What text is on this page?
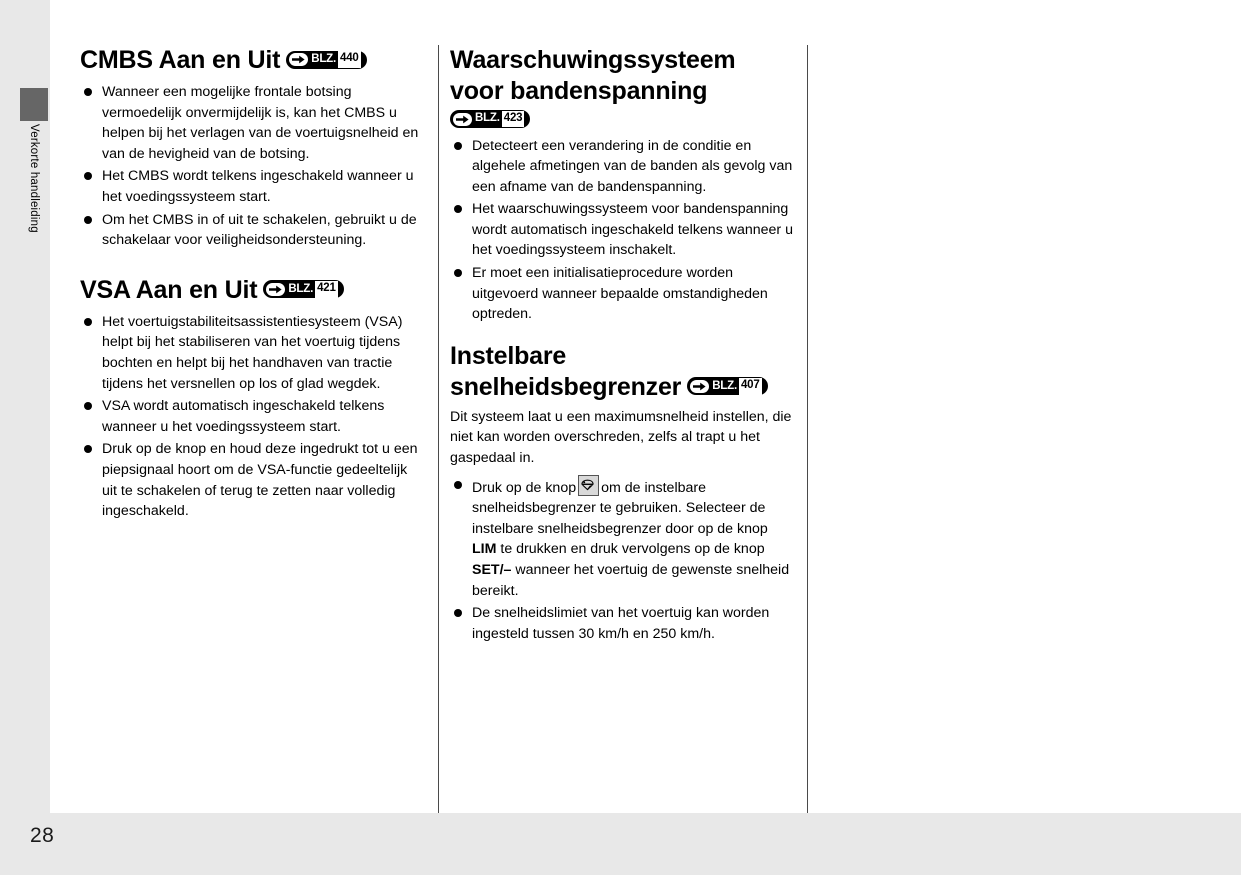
Verkorte handleiding
CMBS Aan en Uit	BLZ. 440
Wanneer een mogelijke frontale botsing vermoedelijk onvermijdelijk is, kan het CMBS u helpen bij het verlagen van de voertuigsnelheid en van de hevigheid van de botsing.
Het CMBS wordt telkens ingeschakeld wanneer u het voedingssysteem start.
Om het CMBS in of uit te schakelen, gebruikt u de schakelaar voor veiligheidsondersteuning.
VSA Aan en Uit	BLZ. 421
Het voertuigstabiliteitsassistentiesysteem (VSA) helpt bij het stabiliseren van het voertuig tijdens bochten en helpt bij het handhaven van tractie tijdens het versnellen op los of glad wegdek.
VSA wordt automatisch ingeschakeld telkens wanneer u het voedingssysteem start.
Druk op de knop en houd deze ingedrukt tot u een piepsignaal hoort om de VSA-functie gedeeltelijk uit te schakelen of terug te zetten naar volledig ingeschakeld.
Waarschuwingssysteem
voor bandenspanning
BLZ. 423
Detecteert een verandering in de conditie en algehele afmetingen van de banden als gevolg van een afname van de bandenspanning.
Het waarschuwingssysteem voor bandenspanning wordt automatisch ingeschakeld telkens wanneer u het voedingssysteem inschakelt.
Er moet een initialisatieprocedure worden uitgevoerd wanneer bepaalde omstandigheden optreden.
Instelbare
snelheidsbegrenzer	BLZ. 407

Dit systeem laat u een maximumsnelheid instellen, die niet kan worden overschreden, zelfs al trapt u het gaspedaal in.

Druk op de knop om de instelbare snelheidsbegrenzer te gebruiken. Selecteer de instelbare snelheidsbegrenzer door op de knop LIM te drukken en druk vervolgens op de knop SET/– wanneer het voertuig de gewenste snelheid bereikt.
De snelheidslimiet van het voertuig kan worden ingesteld tussen 30 km/h en 250 km/h.
28
